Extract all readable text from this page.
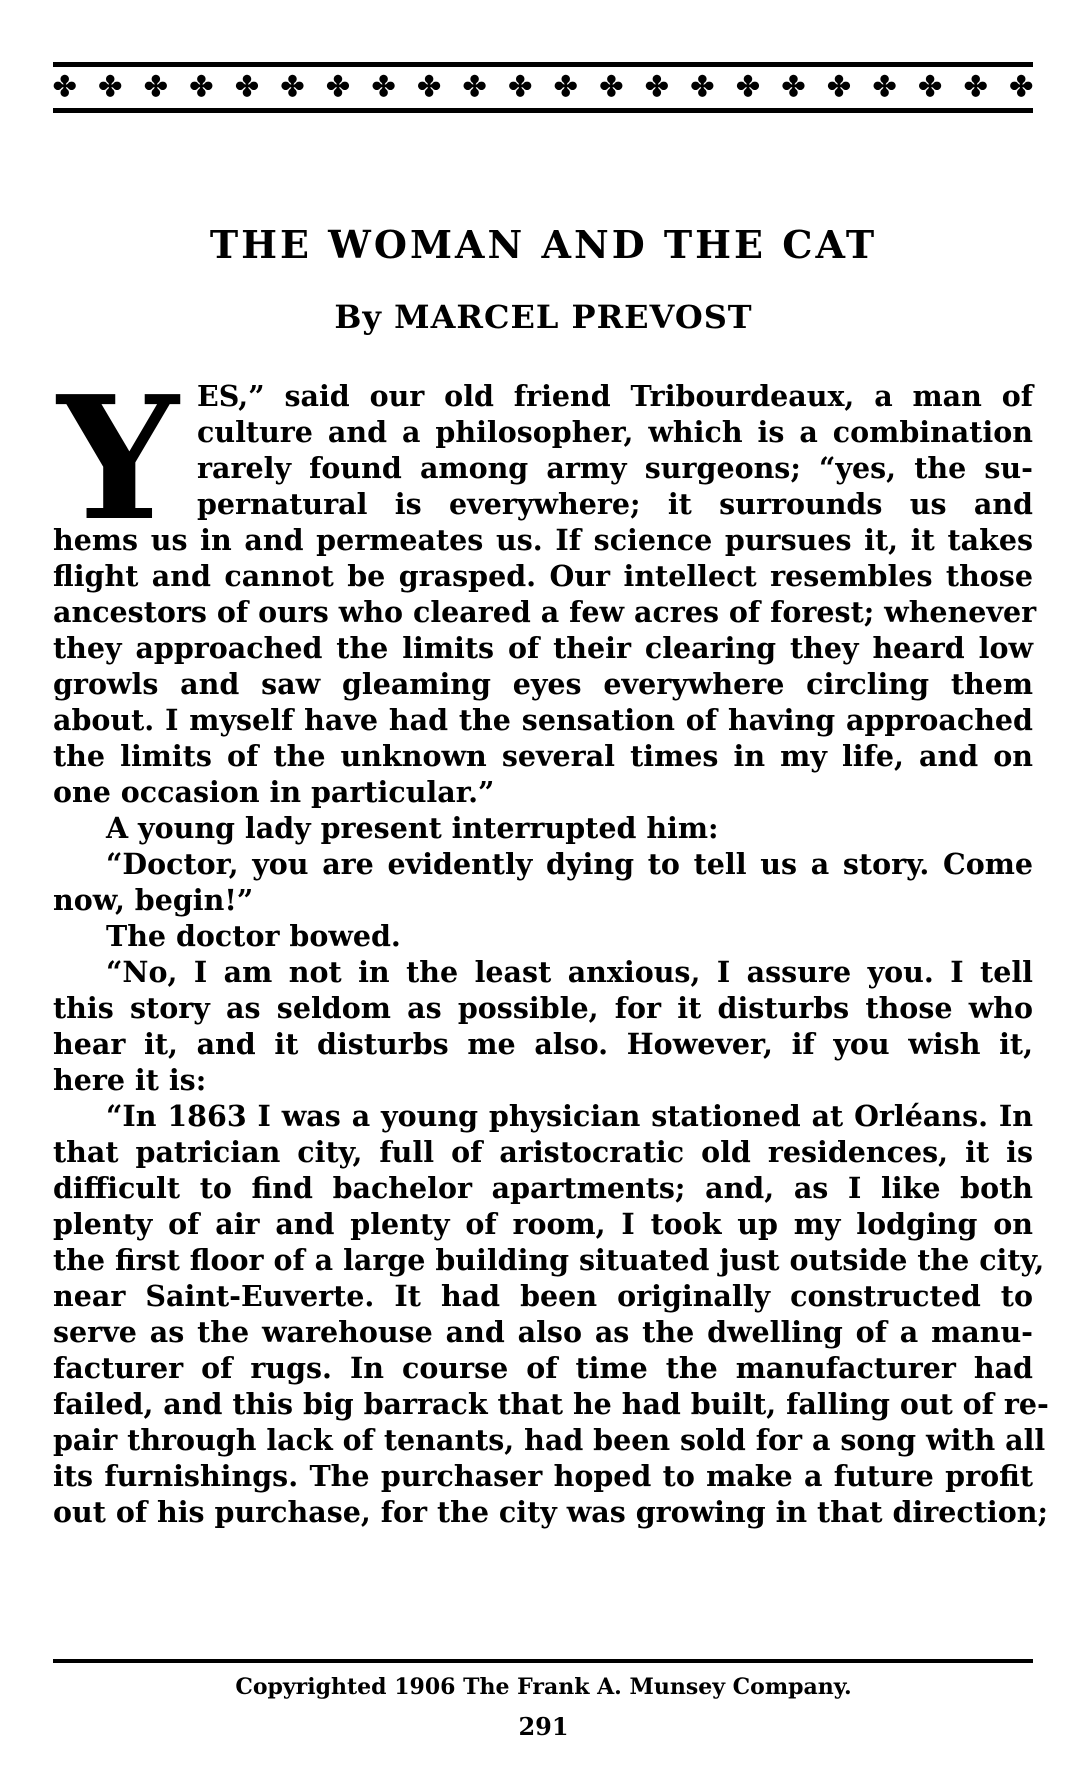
✤ ✤ ✤ ✤ ✤ ✤ ✤ ✤ ✤ ✤ ✤ ✤ ✤ ✤ ✤ ✤ ✤ ✤ ✤ ✤ ✤ ✤
THE WOMAN AND THE CAT
By MARCEL PREVOST
Y ES,” said our old friend Tribourdeaux, a man of
culture and a philosopher, which is a combination
rarely found among army surgeons; “yes, the su-
pernatural is everywhere; it surrounds us and
hems us in and permeates us. If science pursues it, it takes
flight and cannot be grasped. Our intellect resembles those
ancestors of ours who cleared a few acres of forest; whenever
they approached the limits of their clearing they heard low
growls and saw gleaming eyes everywhere circling them
about. I myself have had the sensation of having approached
the limits of the unknown several times in my life, and on
one occasion in particular.”
A young lady present interrupted him:
“Doctor, you are evidently dying to tell us a story. Come
now, begin!”
The doctor bowed.
“No, I am not in the least anxious, I assure you. I tell
this story as seldom as possible, for it disturbs those who
hear it, and it disturbs me also. However, if you wish it,
here it is:
“In 1863 I was a young physician stationed at Orléans. In
that patrician city, full of aristocratic old residences, it is
difficult to find bachelor apartments; and, as I like both
plenty of air and plenty of room, I took up my lodging on
the first floor of a large building situated just outside the city,
near Saint-Euverte. It had been originally constructed to
serve as the warehouse and also as the dwelling of a manu-
facturer of rugs. In course of time the manufacturer had
failed, and this big barrack that he had built, falling out of re-
pair through lack of tenants, had been sold for a song with all
its furnishings. The purchaser hoped to make a future profit
out of his purchase, for the city was growing in that direction;
Copyrighted 1906 The Frank A. Munsey Company.
291
